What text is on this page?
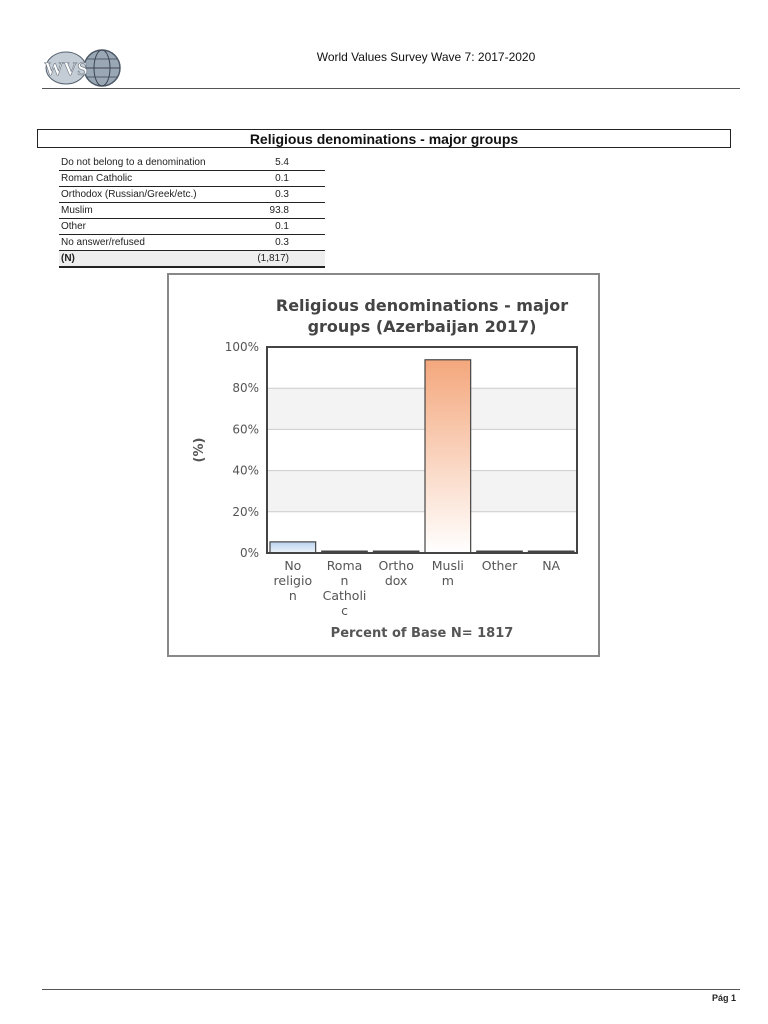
WVS
World Values Survey Wave 7: 2017-2020
Religious denominations - major groups
Do not belong to a denomination	5.4
Roman Catholic	0.1
Orthodox (Russian/Greek/etc.)	0.3
Muslim	93.8
Other	0.1
No answer/refused	0.3
(N)	(1,817)
Religious denominations - major
groups (Azerbaijan 2017)
0%
20%
40%
60%
80%
100%
No religio n
Roma n Catholi c
Ortho dox
Musli m
Other NA
(%)
Percent of Base N= 1817
Pág 1
